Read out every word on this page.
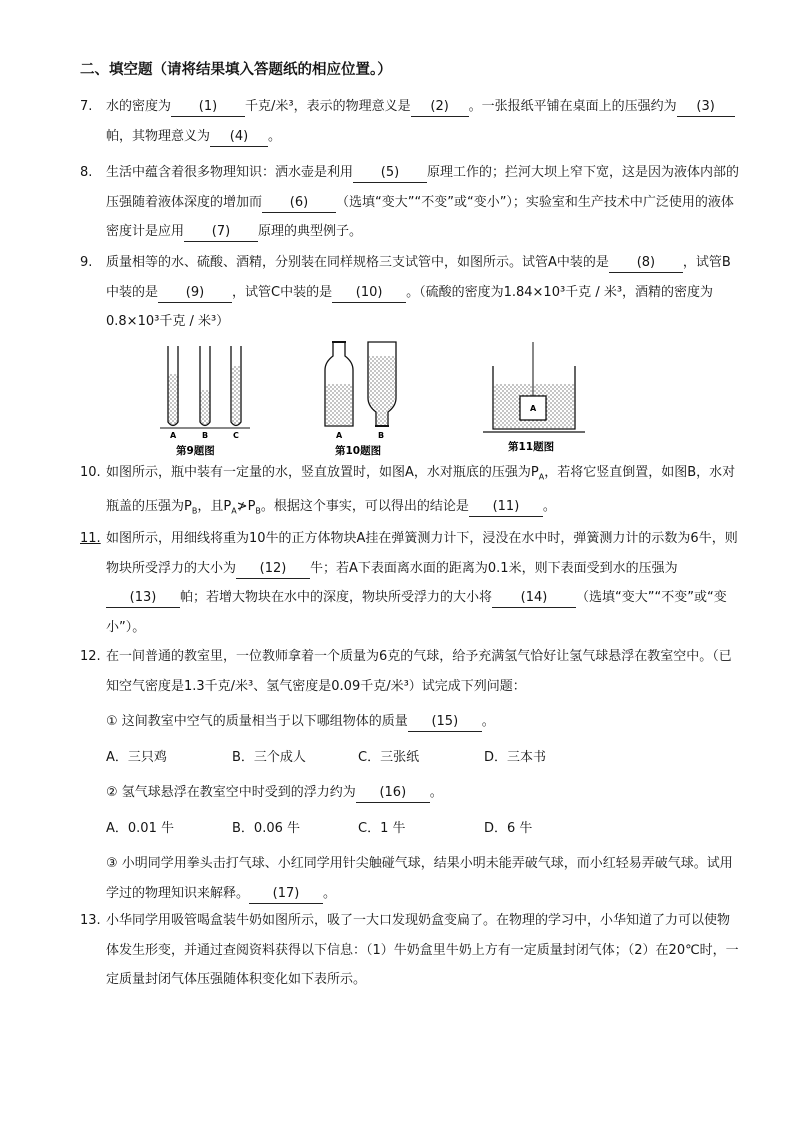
二、填空题（请将结果填入答题纸的相应位置。）
7.	水的密度为 (1) 千克/米³，表示的物理意义是 (2) 。一张报纸平铺在桌面上的压强约为 (3)帕，其物理意义为 (4) 。
8.	生活中蕴含着很多物理知识：洒水壶是利用 (5) 原理工作的；拦河大坝上窄下宽，这是因为液体内部的压强随着液体深度的增加而 (6) （选填“变大”“不变”或“变小”）；实验室和生产技术中广泛使用的液体密度计是应用 (7) 原理的典型例子。
9.	质量相等的水、硫酸、酒精，分别装在同样规格三支试管中，如图所示。试管A中装的是 (8) ，试管B中装的是 (9) ，试管C中装的是 (10) 。（硫酸的密度为1.84×10³千克 / 米³，酒精的密度为0.8×10³千克 / 米³）
A	B	C
第9题图
A	B
第10题图
A
第11题图
10. 如图所示，瓶中装有一定量的水，竖直放置时，如图A，水对瓶底的压强为$P_A$，若将它竖直倒置，如图B，水对瓶盖的压强为$P_B$，且$P_A≯P_B$。根据这个事实，可以得出的结论是 (11) 。
11. 如图所示，用细线将重为10牛的正方体物块A挂在弹簧测力计下，浸没在水中时，弹簧测力计的示数为6牛，则物块所受浮力的大小为 (12) 牛；若A下表面离水面的距离为0.1米，则下表面受到水的压强为(13) 帕；若增大物块在水中的深度，物块所受浮力的大小将 (14) （选填“变大”“不变”或“变小”）。
12. 在一间普通的教室里，一位教师拿着一个质量为6克的气球，给予充满氢气恰好让氢气球悬浮在教室空中。（已知空气密度是1.3千克/米³、氢气密度是0.09千克/米³）试完成下列问题：
① 这间教室中空气的质量相当于以下哪组物体的质量 (15) 。
A．三只鸡	B．三个成人	C．三张纸	D．三本书
② 氢气球悬浮在教室空中时受到的浮力约为 (16) 。
A．0.01 牛	B．0.06 牛	C．1 牛	D．6 牛
③ 小明同学用拳头击打气球、小红同学用针尖触碰气球，结果小明未能弄破气球，而小红轻易弄破气球。试用学过的物理知识来解释。 (17) 。
13. 小华同学用吸管喝盒装牛奶如图所示，吸了一大口发现奶盒变扁了。在物理的学习中，小华知道了力可以使物体发生形变，并通过查阅资料获得以下信息：（1）牛奶盒里牛奶上方有一定质量封闭气体；（2）在20℃时，一定质量封闭气体压强随体积变化如下表所示。
